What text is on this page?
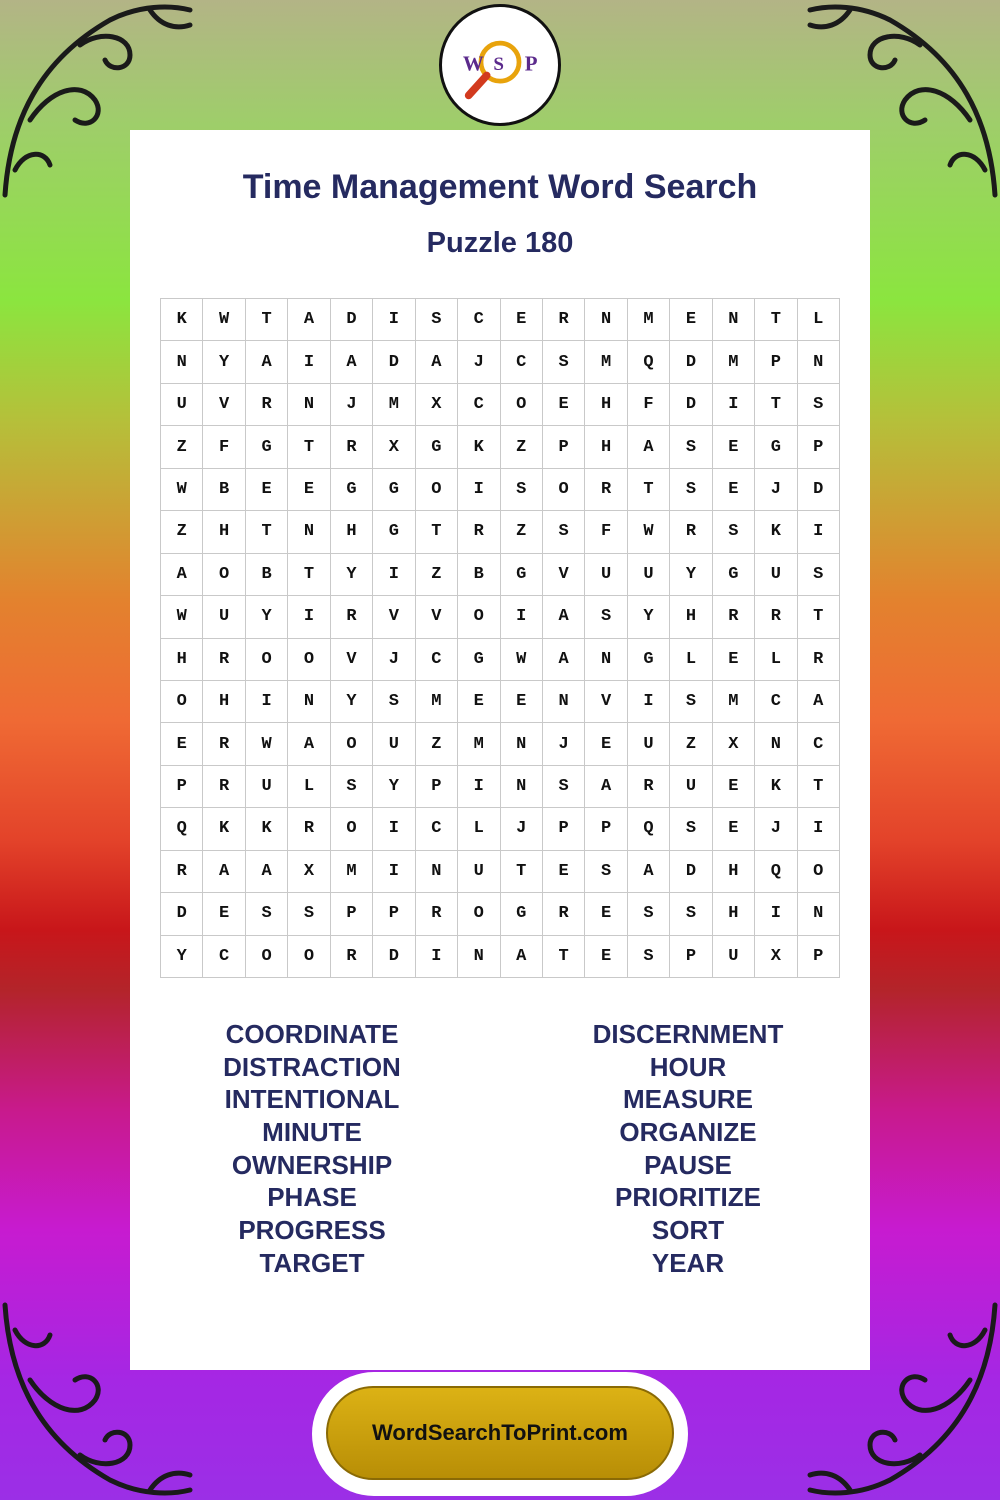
W S P
Time Management Word Search
Puzzle 180
K	W	T	A	D	I	S	C	E	R	N	M	E	N	T	L
N	Y	A	I	A	D	A	J	C	S	M	Q	D	M	P	N
U	V	R	N	J	M	X	C	O	E	H	F	D	I	T	S
Z	F	G	T	R	X	G	K	Z	P	H	A	S	E	G	P
W	B	E	E	G	G	O	I	S	O	R	T	S	E	J	D
Z	H	T	N	H	G	T	R	Z	S	F	W	R	S	K	I
A	O	B	T	Y	I	Z	B	G	V	U	U	Y	G	U	S
W	U	Y	I	R	V	V	O	I	A	S	Y	H	R	R	T
H	R	O	O	V	J	C	G	W	A	N	G	L	E	L	R
O	H	I	N	Y	S	M	E	E	N	V	I	S	M	C	A
E	R	W	A	O	U	Z	M	N	J	E	U	Z	X	N	C
P	R	U	L	S	Y	P	I	N	S	A	R	U	E	K	T
Q	K	K	R	O	I	C	L	J	P	P	Q	S	E	J	I
R	A	A	X	M	I	N	U	T	E	S	A	D	H	Q	O
D	E	S	S	P	P	R	O	G	R	E	S	S	H	I	N
Y	C	O	O	R	D	I	N	A	T	E	S	P	U	X	P
COORDINATE
DISTRACTION
INTENTIONAL
MINUTE
OWNERSHIP
PHASE
PROGRESS
TARGET
DISCERNMENT
HOUR
MEASURE
ORGANIZE
PAUSE
PRIORITIZE
SORT
YEAR
WordSearchToPrint.com
